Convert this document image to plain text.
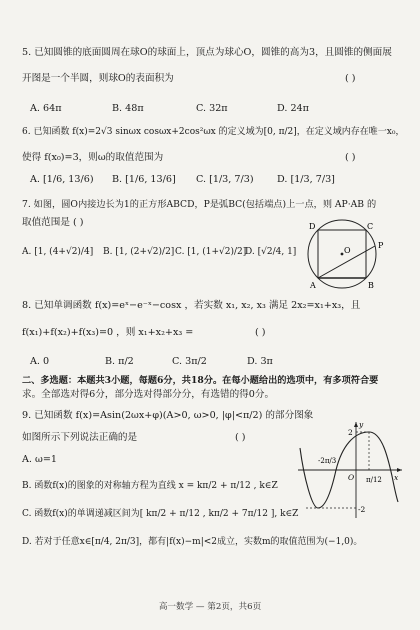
5. 已知圆锥的底面圆周在球O的球面上，顶点为球心O，圆锥的高为3，且圆锥的侧面展
开图是一个半圆，则球O的表面积为	( )
A. 64π	B. 48π	C. 32π	D. 24π
6. 已知函数 f(x)=2√3 sinωx cosωx+2cos²ωx 的定义域为[0, π/2]，在定义域内存在唯一x₀，
使得 f(x₀)=3，则ω的取值范围为	( )
A. [1/6, 13/6) B. [1/6, 13/6] C. [1/3, 7/3) D. [1/3, 7/3]
7. 如图，圆O内接边长为1的正方形ABCD，P是弧BC(包括端点)上一点，则 AP·AB 的
取值范围是 ( )
A. [1, (4+√2)/4] B. [1, (2+√2)/2] C. [1, (1+√2)/2]
D. [√2/4, 1]
D	C
O
P
A	B
8. 已知单调函数 f(x)=eˣ−e⁻ˣ−cosx ，若实数 x₁, x₂, x₃ 满足 2x₂=x₁+x₃，且
f(x₁)+f(x₂)+f(x₃)=0 ，则 x₁+x₂+x₃ =	( )
A. 0	B. π/2	C. 3π/2	D. 3π
二、多选题：本题共3小题，每题6分，共18分。在每小题给出的选项中，有多项符合要
求。全部选对得6分，部分选对得部分分，有选错的得0分。
9. 已知函数 f(x)=Asin(2ωx+φ)(A>0, ω>0, |φ|<π/2) 的部分图象
如图所示下列说法正确的是	( )
A. ω=1
B. 函数f(x)的图象的对称轴方程为直线 x = kπ/2 + π/12 , k∈Z
C. 函数f(x)的单调递减区间为[ kπ/2 + π/12 , kπ/2 + 7π/12 ], k∈Z
D. 若对于任意x∈[π/4, 2π/3]，都有|f(x)−m|<2成立，实数m的取值范围为(−1,0)。
y
2
-2
-2π/3
O π/12 x
高一数学 — 第2页，共6页
